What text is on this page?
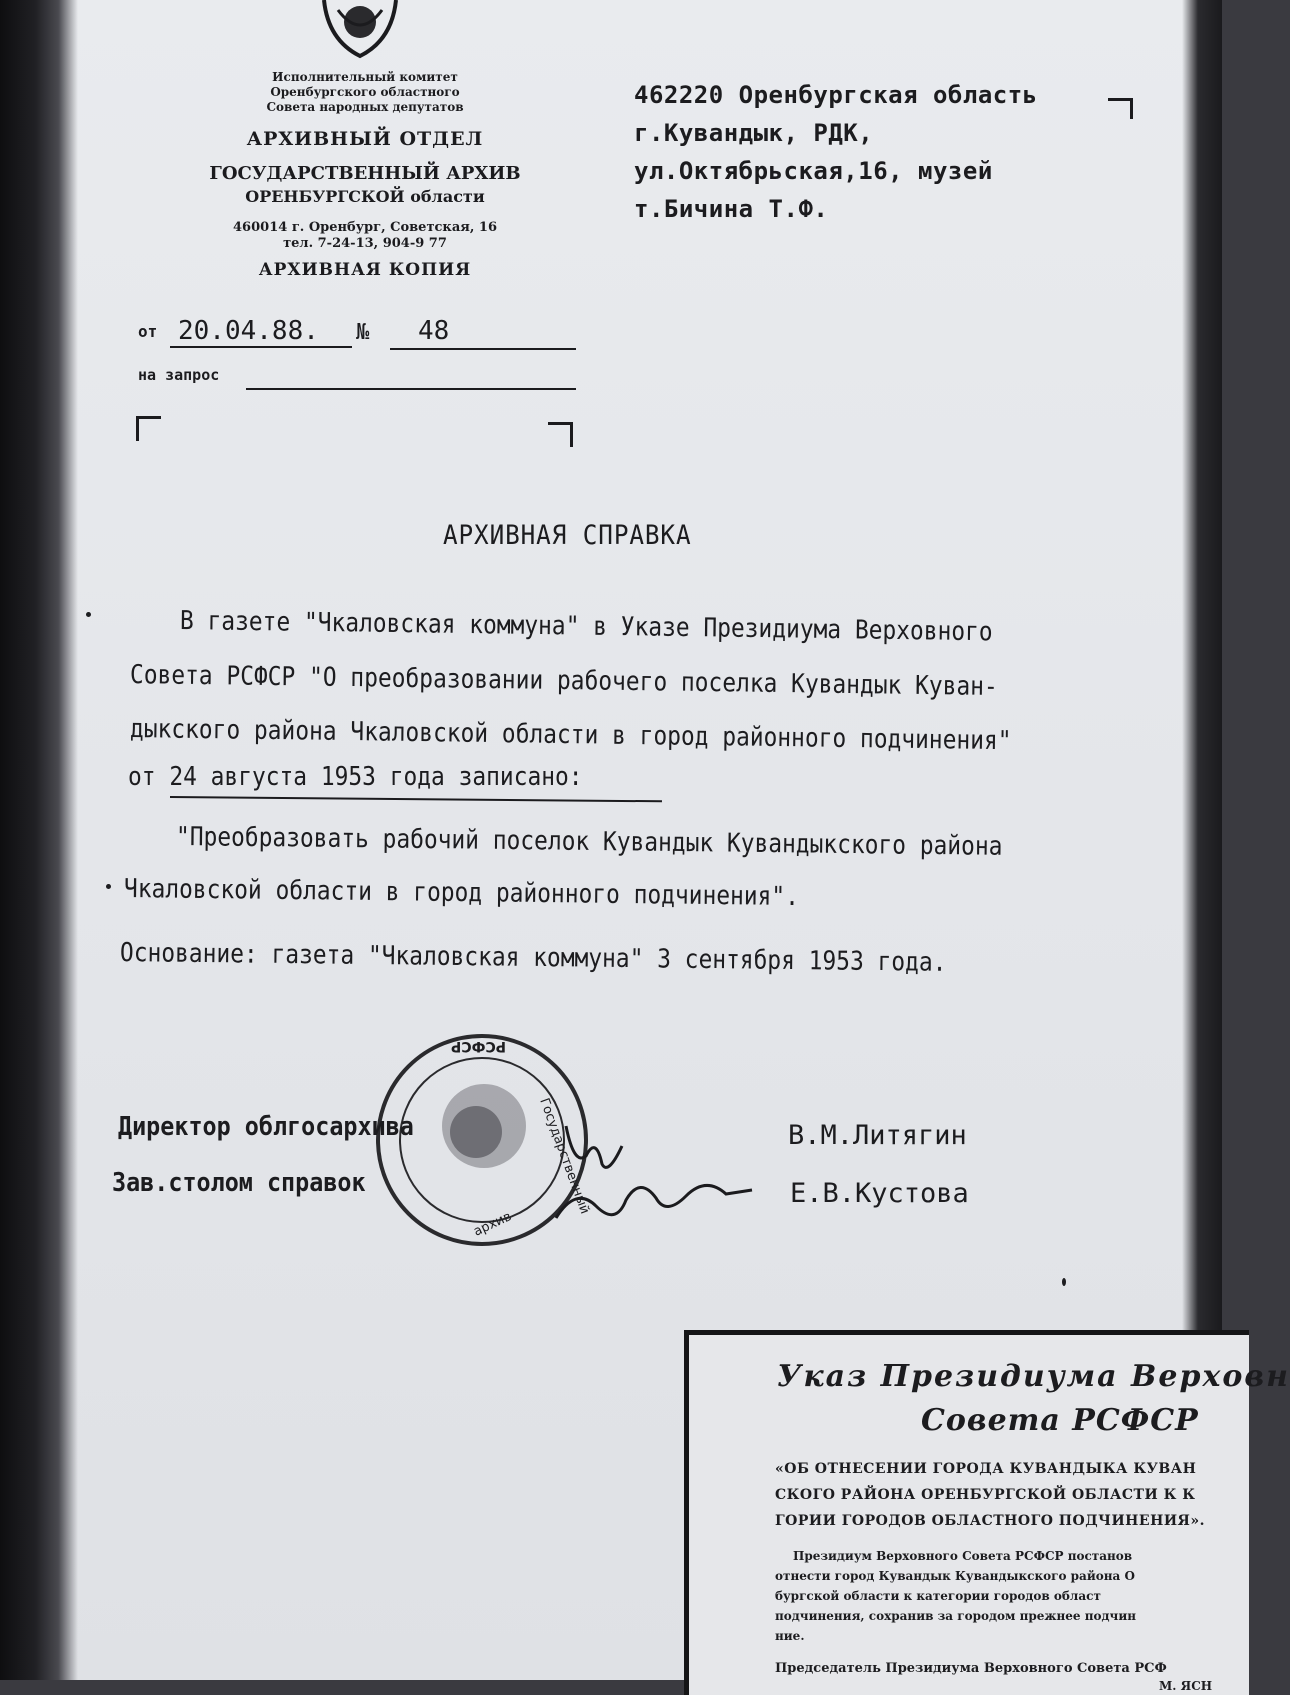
Исполнительный комитет
Оренбургского областного
Совета народных депутатов
АРХИВНЫЙ ОТДЕЛ
ГОСУДАРСТВЕННЫЙ АРХИВ
ОРЕНБУРГСКОЙ области
460014 г. Оренбург, Советская, 16
тел. 7-24-13, 904-9 77
АРХИВНАЯ КОПИЯ
462220 Оренбургская область
г.Кувандык, РДК,
ул.Октябрьская,16, музей
т.Бичина Т.Ф.
от 20.04.88. № 48
на запрос
АРХИВНАЯ СПРАВКА
В газете "Чкаловская коммуна" в Указе Президиума Верховного
Совета РСФСР "О преобразовании рабочего поселка Кувандык Куван-
дыкского района Чкаловской области в город районного подчинения"
от 24 августа 1953 года записано:
"Преобразовать рабочий поселок Кувандык Кувандыкского района
Чкаловской области в город районного подчинения".
Основание: газета "Чкаловская коммуна" 3 сентября 1953 года.
РСФСР
Государственный
архив
Директор облгосархива
Зав.столом справок
В.М.Литягин
Е.В.Кустова
Указ Президиума Верховн
Совета РСФСР
«ОБ ОТНЕСЕНИИ ГОРОДА КУВАНДЫКА КУВАН
СКОГО РАЙОНА ОРЕНБУРГСКОЙ ОБЛАСТИ К К
ГОРИИ ГОРОДОВ ОБЛАСТНОГО ПОДЧИНЕНИЯ».
Президиум Верховного Совета РСФСР постанов
отнести город Кувандык Кувандыкского района О
бургской области к категории городов област
подчинения, сохранив за городом прежнее подчин
ние.
Председатель Президиума Верховного Совета РСФ
М. ЯСН
